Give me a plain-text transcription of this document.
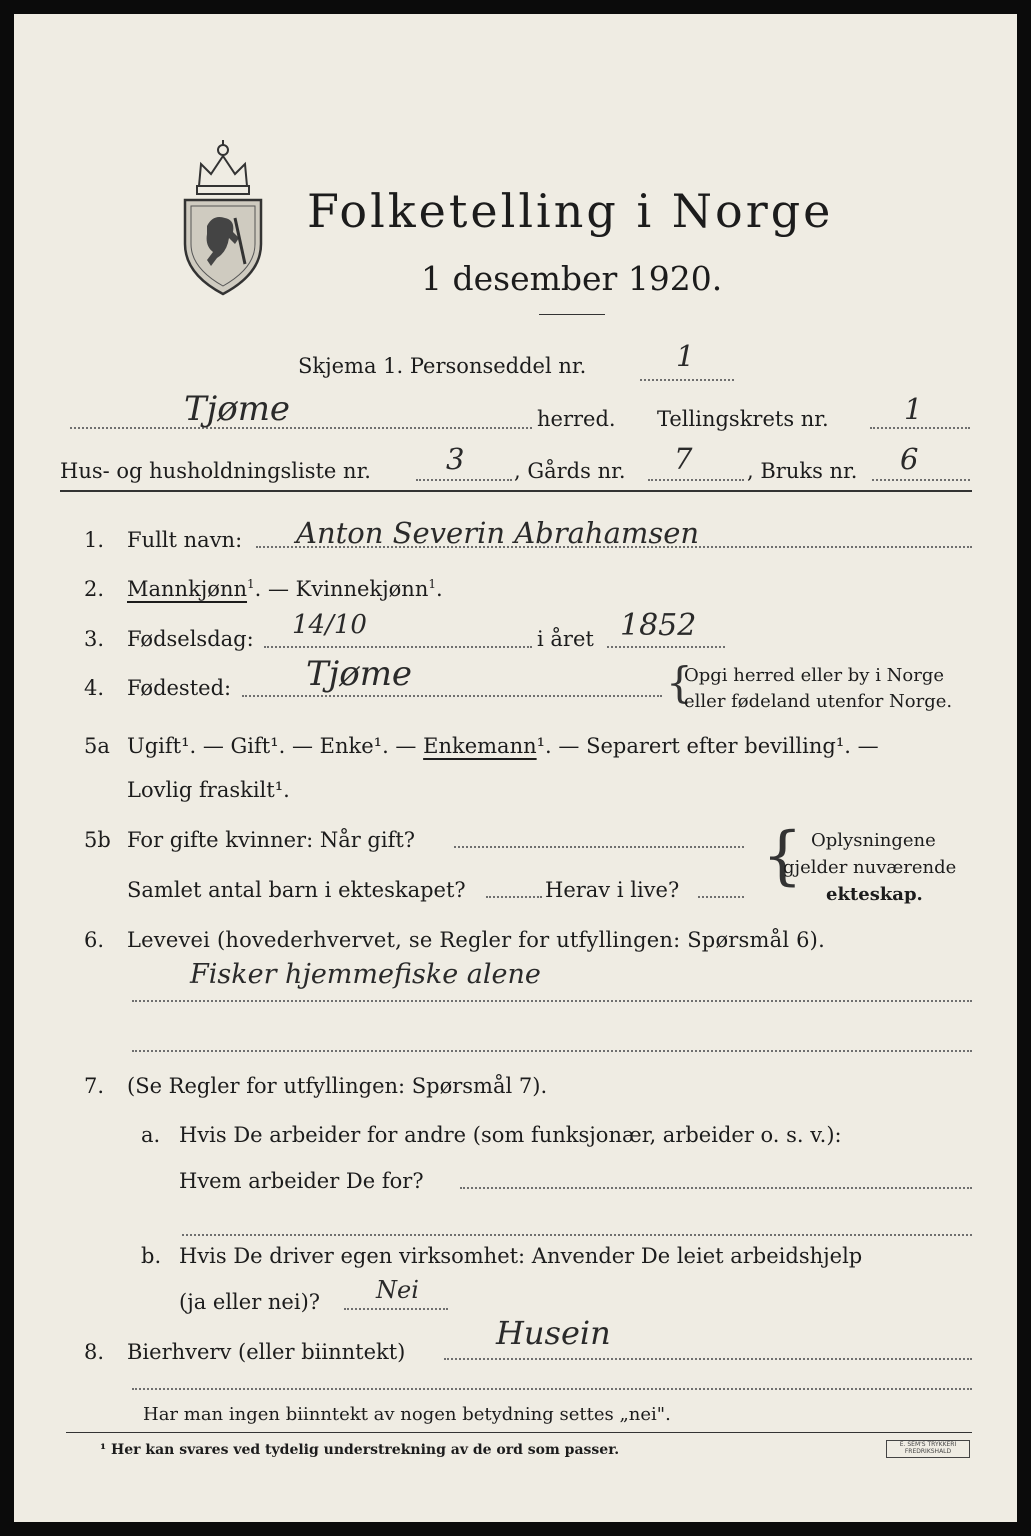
Folketelling i Norge
1 desember 1920.
Skjema 1. Personseddel nr.	1
Tjøme	herred. Tellingskrets nr.	1
Hus- og husholdningsliste nr.	3 , Gårds nr. 7	, Bruks nr. 6
1. Fullt navn: Anton Severin Abrahamsen
2. Mannkjønn$^1$. — Kvinnekjønn$^1$.
3. Fødselsdag: 14/10	i året 1852
4. Fødested: Tjøme	{
Opgi herred eller by i Norge
eller fødeland utenfor Norge.
5a Ugift¹. — Gift¹. — Enke¹. — Enkemann¹. — Separert efter bevilling¹. —
Lovlig fraskilt¹.
5b For gifte kvinner: Når gift?
Samlet antal barn i ekteskapet?	Herav i live? { Oplysningene
gjelder nuværende
ekteskap.
6. Levevei (hovederhvervet, se Regler for utfyllingen: Spørsmål 6).
Fisker hjemmefiske alene
7. (Se Regler for utfyllingen: Spørsmål 7).
a. Hvis De arbeider for andre (som funksjonær, arbeider o. s. v.):
Hvem arbeider De for?
b. Hvis De driver egen virksomhet: Anvender De leiet arbeidshjelp
(ja eller nei)? Nei
8. Bierhverv (eller biinntekt)	Husein
Har man ingen biinntekt av nogen betydning settes „nei".
¹ Her kan svares ved tydelig understrekning av de ord som passer.	E. SEM'S TRYKKERI FREDRIKSHALD
